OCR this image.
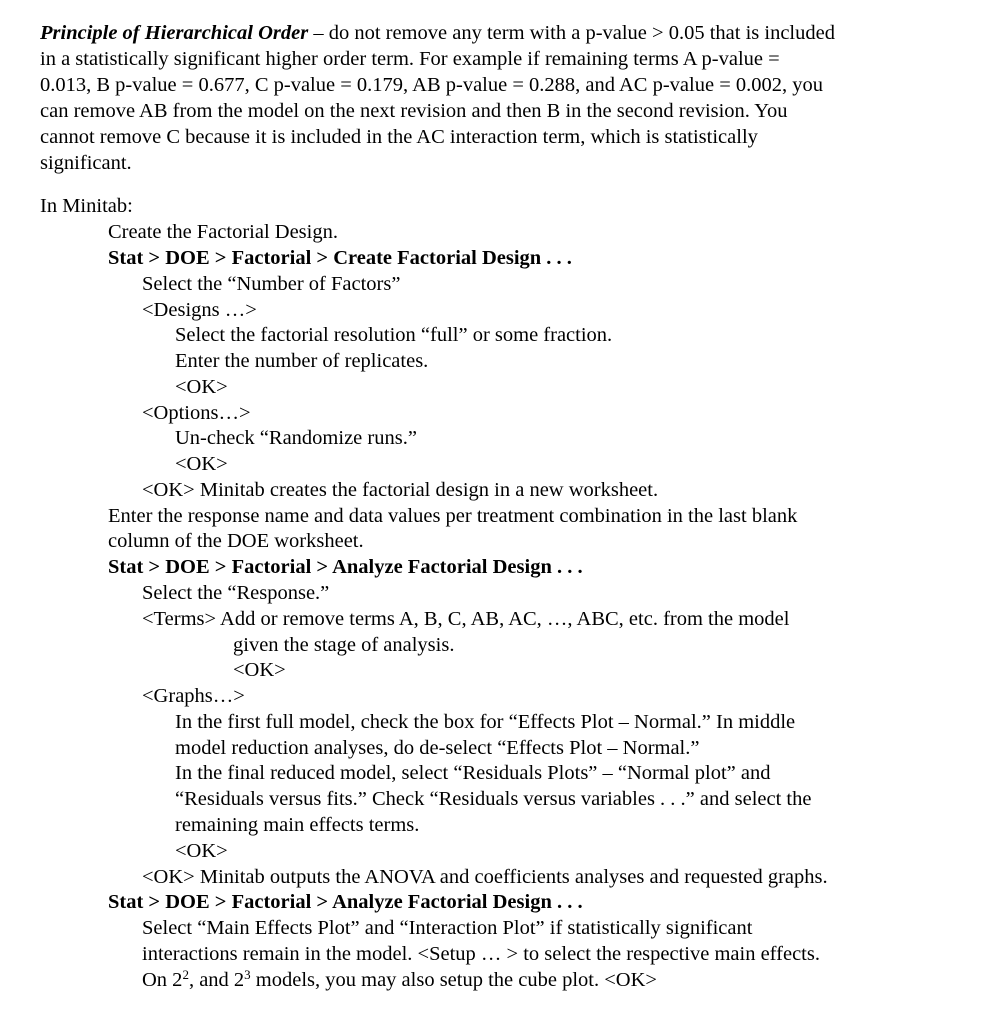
Principle of Hierarchical Order – do not remove any term with a p-value > 0.05 that is included
in a statistically significant higher order term. For example if remaining terms A p-value =
0.013, B p-value = 0.677, C p-value = 0.179, AB p-value = 0.288, and AC p-value = 0.002, you
can remove AB from the model on the next revision and then B in the second revision. You
cannot remove C because it is included in the AC interaction term, which is statistically
significant.
In Minitab:
Create the Factorial Design.
Stat > DOE > Factorial > Create Factorial Design . . .
Select the “Number of Factors”
<Designs …>
Select the factorial resolution “full” or some fraction.
Enter the number of replicates.
<OK>
<Options…>
Un-check “Randomize runs.”
<OK>
<OK> Minitab creates the factorial design in a new worksheet.
Enter the response name and data values per treatment combination in the last blank
column of the DOE worksheet.
Stat > DOE > Factorial > Analyze Factorial Design . . .
Select the “Response.”
<Terms> Add or remove terms A, B, C, AB, AC, …, ABC, etc. from the model
given the stage of analysis.
<OK>
<Graphs…>
In the first full model, check the box for “Effects Plot – Normal.” In middle
model reduction analyses, do de-select “Effects Plot – Normal.”
In the final reduced model, select “Residuals Plots” – “Normal plot” and
“Residuals versus fits.” Check “Residuals versus variables . . .” and select the
remaining main effects terms.
<OK>
<OK> Minitab outputs the ANOVA and coefficients analyses and requested graphs.
Stat > DOE > Factorial > Analyze Factorial Design . . .
Select “Main Effects Plot” and “Interaction Plot” if statistically significant
interactions remain in the model. <Setup … > to select the respective main effects.
On $2^2$, and $2^3$ models, you may also setup the cube plot. <OK>
